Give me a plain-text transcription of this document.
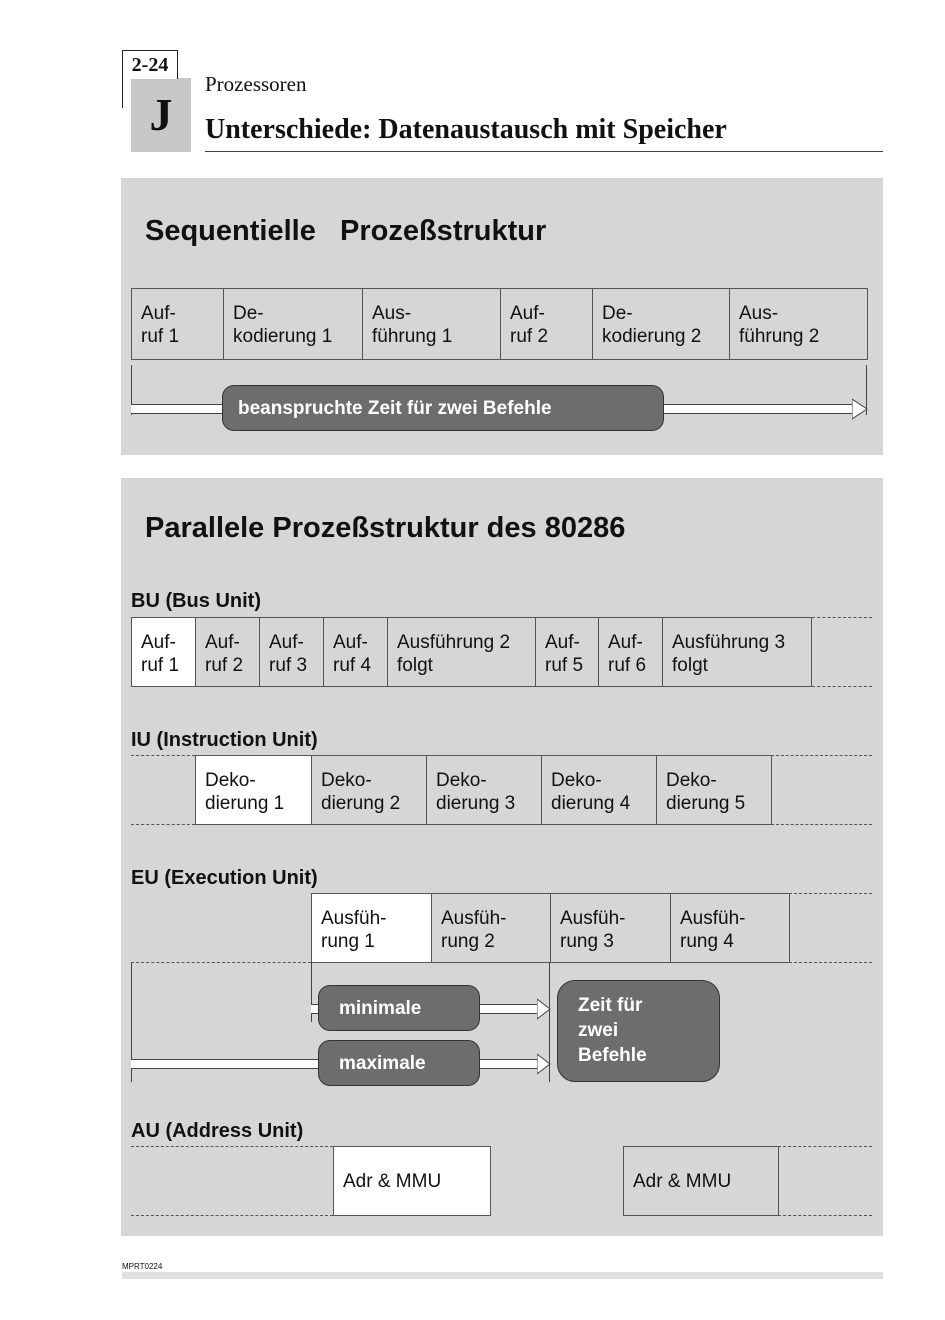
2-24
J
Prozessoren
Unterschiede: Datenaustausch mit Speicher
Sequentielle   Prozeßstruktur
Auf-
ruf 1	De-
kodierung 1	Aus-
führung 1	Auf-
ruf 2	De-
kodierung 2	Aus-
führung 2
beanspruchte Zeit für zwei Befehle
Parallele Prozeßstruktur des 80286
BU (Bus Unit)
Auf-
ruf 1	Auf-
ruf 2	Auf-
ruf 3	Auf-
ruf 4	Ausführung 2
folgt	Auf-
ruf 5	Auf-
ruf 6	Ausführung 3
folgt
IU (Instruction Unit)
Deko-
dierung 1	Deko-
dierung 2	Deko-
dierung 3	Deko-
dierung 4	Deko-
dierung 5
EU (Execution Unit)
Ausfüh-
rung 1	Ausfüh-
rung 2	Ausfüh-
rung 3	Ausfüh-
rung 4
minimale
maximale
Zeit für
zwei
Befehle
AU (Address Unit)
Adr & MMU		Adr & MMU
MPRT0224
